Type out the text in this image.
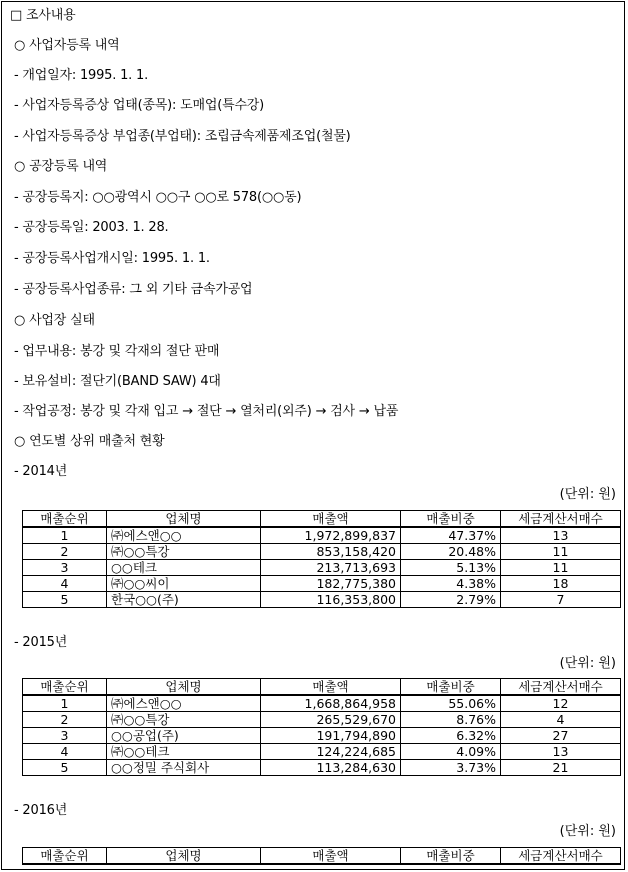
□ 조사내용
○ 사업자등록 내역
- 개업일자: 1995. 1. 1.
- 사업자등록증상 업태(종목): 도매업(특수강)
- 사업자등록증상 부업종(부업태): 조립금속제품제조업(철물)
○ 공장등록 내역
- 공장등록지: ○○광역시 ○○구 ○○로 578(○○동)
- 공장등록일: 2003. 1. 28.
- 공장등록사업개시일: 1995. 1. 1.
- 공장등록사업종류: 그 외 기타 금속가공업
○ 사업장 실태
- 업무내용: 봉강 및 각재의 절단 판매
- 보유설비: 절단기(BAND SAW) 4대
- 작업공정: 봉강 및 각재 입고 → 절단 → 열처리(외주) → 검사 → 납품
○ 연도별 상위 매출처 현황
- 2014년
(단위: 원)
매출순위	업체명	매출액	매출비중	세금계산서매수
1	㈜에스앤○○	1,972,899,837	47.37%	13
2	㈜○○특강	853,158,420	20.48%	11
3	○○테크	213,713,693	5.13%	11
4	㈜○○씨이	182,775,380	4.38%	18
5	한국○○(주)	116,353,800	2.79%	7
- 2015년
(단위: 원)
매출순위	업체명	매출액	매출비중	세금계산서매수
1	㈜에스앤○○	1,668,864,958	55.06%	12
2	㈜○○특강	265,529,670	8.76%	4
3	○○공업(주)	191,794,890	6.32%	27
4	㈜○○테크	124,224,685	4.09%	13
5	○○정밀 주식회사	113,284,630	3.73%	21
- 2016년
(단위: 원)
매출순위	업체명	매출액	매출비중	세금계산서매수
